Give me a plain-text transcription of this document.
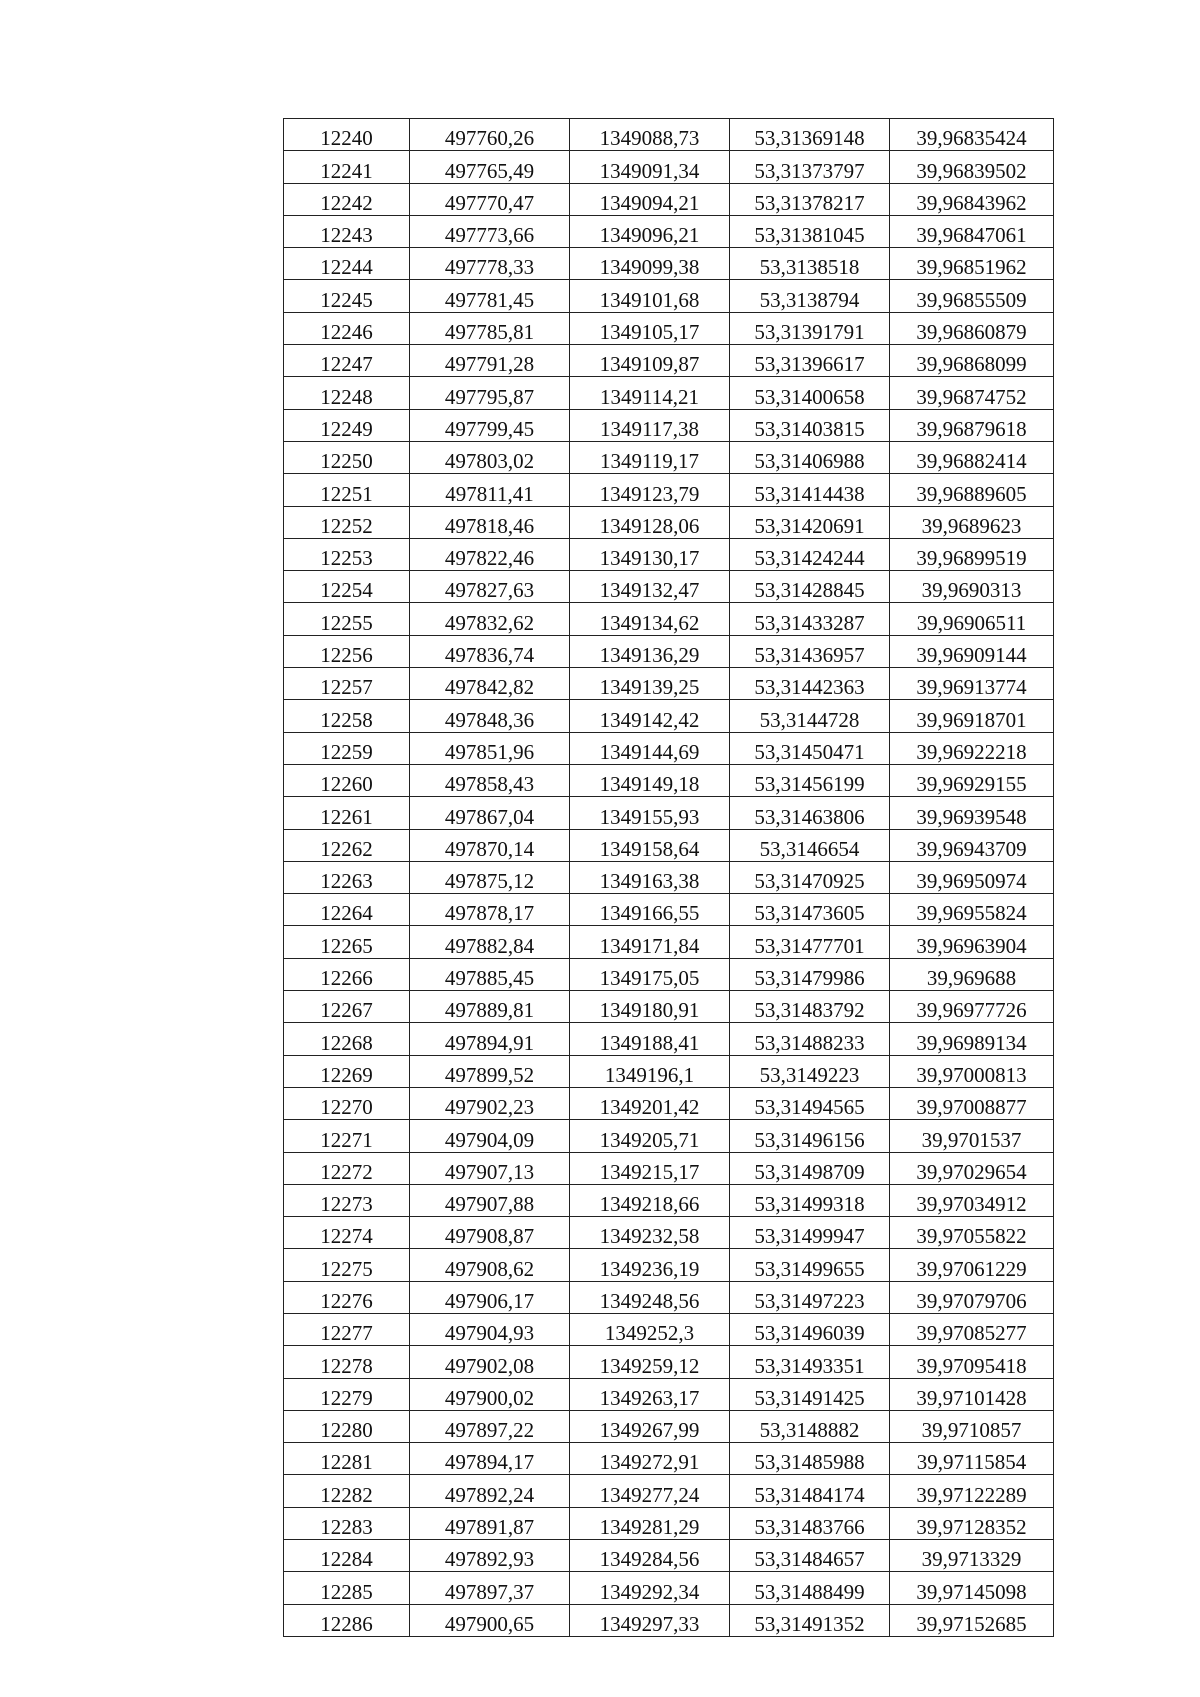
12240	497760,26	1349088,73	53,31369148	39,96835424
12241	497765,49	1349091,34	53,31373797	39,96839502
12242	497770,47	1349094,21	53,31378217	39,96843962
12243	497773,66	1349096,21	53,31381045	39,96847061
12244	497778,33	1349099,38	53,3138518	39,96851962
12245	497781,45	1349101,68	53,3138794	39,96855509
12246	497785,81	1349105,17	53,31391791	39,96860879
12247	497791,28	1349109,87	53,31396617	39,96868099
12248	497795,87	1349114,21	53,31400658	39,96874752
12249	497799,45	1349117,38	53,31403815	39,96879618
12250	497803,02	1349119,17	53,31406988	39,96882414
12251	497811,41	1349123,79	53,31414438	39,96889605
12252	497818,46	1349128,06	53,31420691	39,9689623
12253	497822,46	1349130,17	53,31424244	39,96899519
12254	497827,63	1349132,47	53,31428845	39,9690313
12255	497832,62	1349134,62	53,31433287	39,96906511
12256	497836,74	1349136,29	53,31436957	39,96909144
12257	497842,82	1349139,25	53,31442363	39,96913774
12258	497848,36	1349142,42	53,3144728	39,96918701
12259	497851,96	1349144,69	53,31450471	39,96922218
12260	497858,43	1349149,18	53,31456199	39,96929155
12261	497867,04	1349155,93	53,31463806	39,96939548
12262	497870,14	1349158,64	53,3146654	39,96943709
12263	497875,12	1349163,38	53,31470925	39,96950974
12264	497878,17	1349166,55	53,31473605	39,96955824
12265	497882,84	1349171,84	53,31477701	39,96963904
12266	497885,45	1349175,05	53,31479986	39,969688
12267	497889,81	1349180,91	53,31483792	39,96977726
12268	497894,91	1349188,41	53,31488233	39,96989134
12269	497899,52	1349196,1	53,3149223	39,97000813
12270	497902,23	1349201,42	53,31494565	39,97008877
12271	497904,09	1349205,71	53,31496156	39,9701537
12272	497907,13	1349215,17	53,31498709	39,97029654
12273	497907,88	1349218,66	53,31499318	39,97034912
12274	497908,87	1349232,58	53,31499947	39,97055822
12275	497908,62	1349236,19	53,31499655	39,97061229
12276	497906,17	1349248,56	53,31497223	39,97079706
12277	497904,93	1349252,3	53,31496039	39,97085277
12278	497902,08	1349259,12	53,31493351	39,97095418
12279	497900,02	1349263,17	53,31491425	39,97101428
12280	497897,22	1349267,99	53,3148882	39,9710857
12281	497894,17	1349272,91	53,31485988	39,97115854
12282	497892,24	1349277,24	53,31484174	39,97122289
12283	497891,87	1349281,29	53,31483766	39,97128352
12284	497892,93	1349284,56	53,31484657	39,9713329
12285	497897,37	1349292,34	53,31488499	39,97145098
12286	497900,65	1349297,33	53,31491352	39,97152685
